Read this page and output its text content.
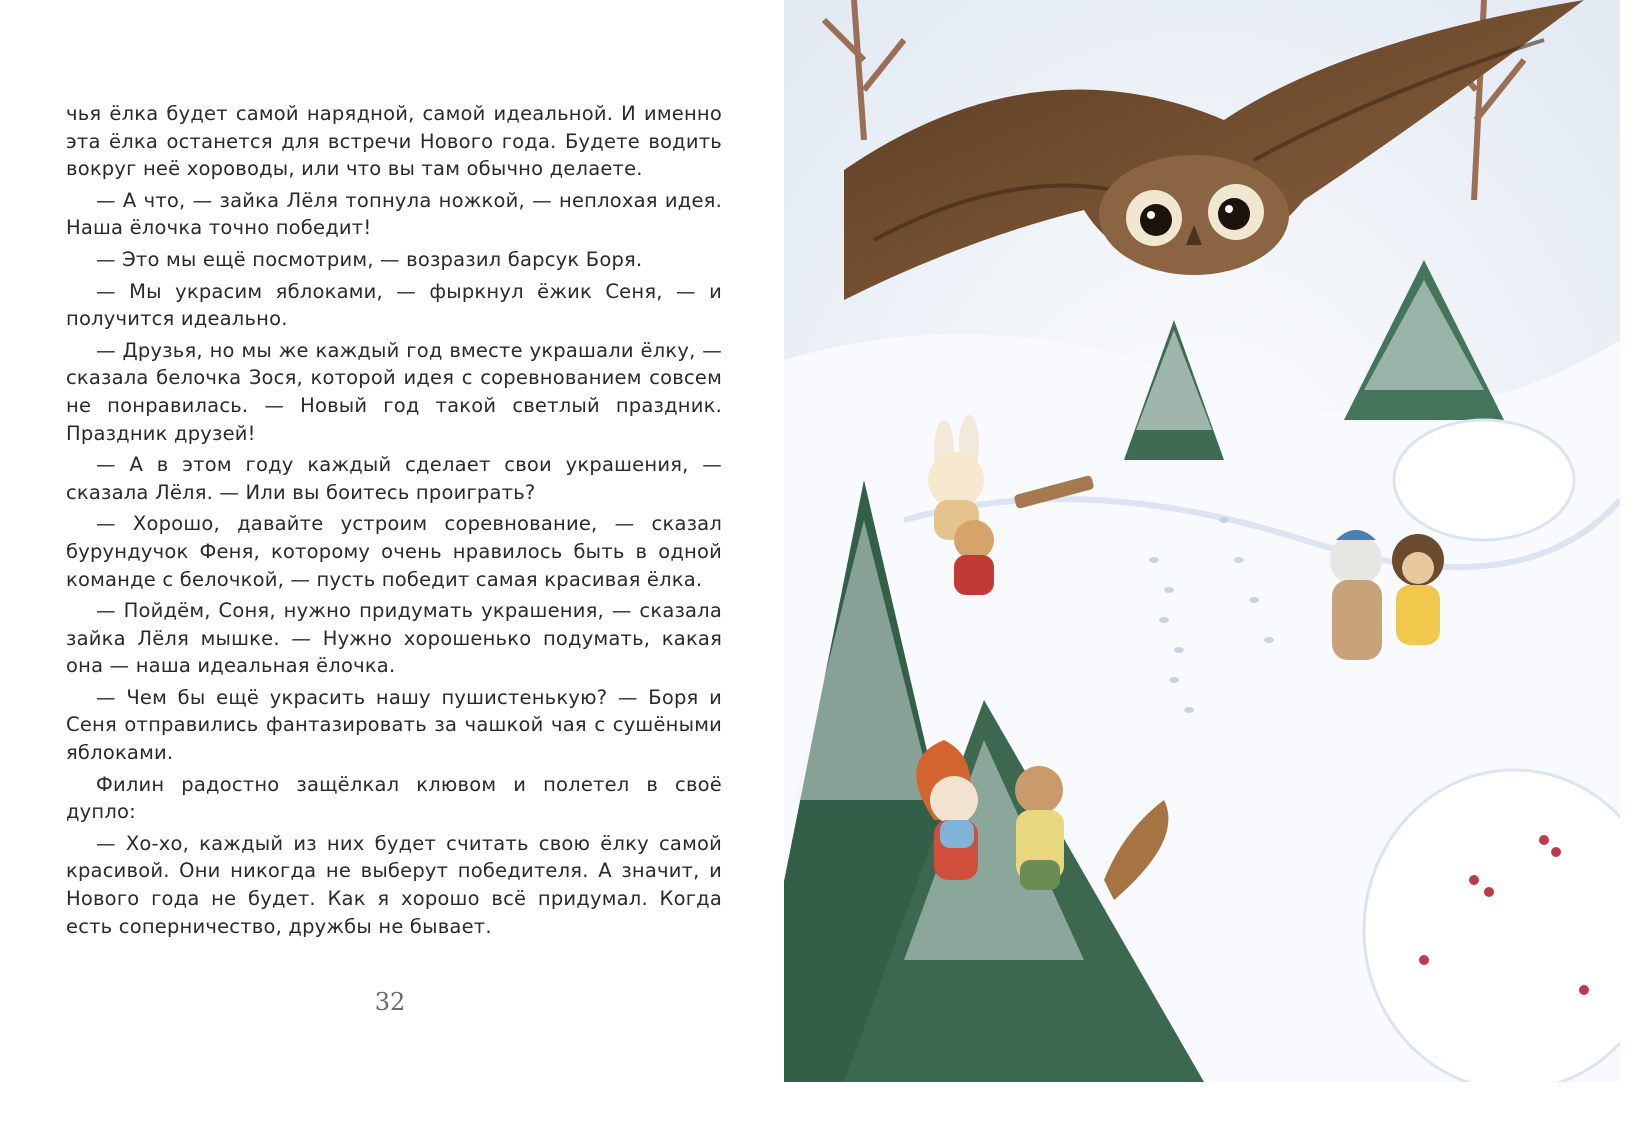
чья ёлка будет самой нарядной, самой идеальной. И именно эта ёлка останется для встречи Нового года. Будете водить вокруг неё хороводы, или что вы там обычно делаете.

— А что, — зайка Лёля топнула ножкой, — неплохая идея. Наша ёлочка точно победит!

— Это мы ещё посмотрим, — возразил барсук Боря.

— Мы украсим яблоками, — фыркнул ёжик Сеня, — и получится идеально.

— Друзья, но мы же каждый год вместе украшали ёлку, — сказала белочка Зося, которой идея с соревнованием совсем не понравилась. — Новый год такой светлый праздник. Праздник друзей!

— А в этом году каждый сделает свои украшения, — сказала Лёля. — Или вы боитесь проиграть?

— Хорошо, давайте устроим соревнование, — сказал бурундучок Феня, которому очень нравилось быть в одной команде с белочкой, — пусть победит самая красивая ёлка.

— Пойдём, Соня, нужно придумать украшения, — сказала зайка Лёля мышке. — Нужно хорошенько подумать, какая она — наша идеальная ёлочка.

— Чем бы ещё украсить нашу пушистенькую? — Боря и Сеня отправились фантазировать за чашкой чая с сушёными яблоками.

Филин радостно защёлкал клювом и полетел в своё дупло:

— Хо-хо, каждый из них будет считать свою ёлку самой красивой. Они никогда не выберут победителя. А значит, и Нового года не будет. Как я хорошо всё придумал. Когда есть соперничество, дружбы не бывает.

32
